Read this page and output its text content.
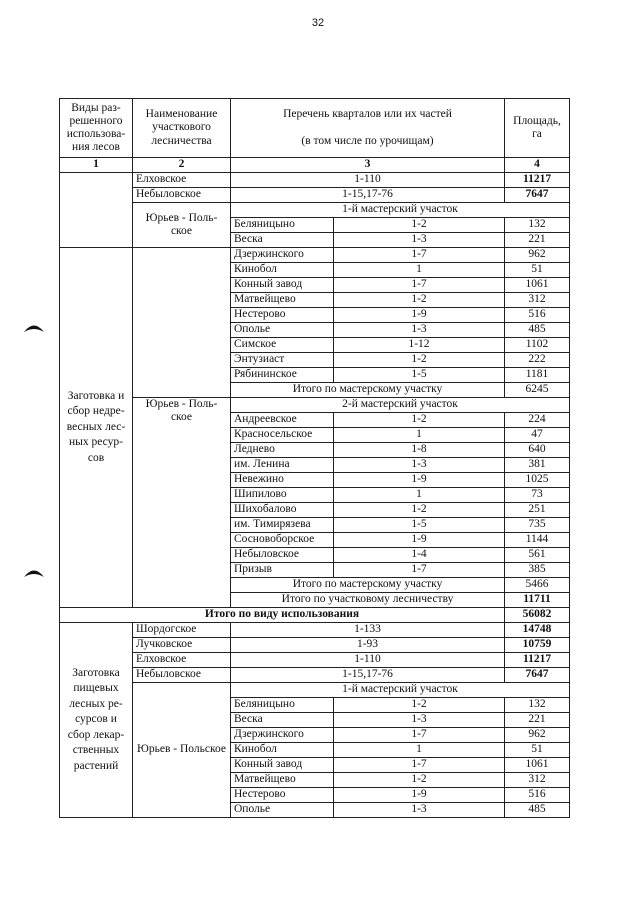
32
Виды раз-решенного использова-ния лесов	Наименование участкового лесничества	Перечень кварталов или их частей
(в том числе по урочищам)		Площадь, га
1	2	3		4
	Елховское	1-110		11217
	Небыловское	1-15,17-76		7647
	Юрьев - Поль-ское	1-й мастерский участок		
		Беляницыно	1-2	132
		Веска	1-3	221
Заготовка и сбор недре-весных лес-ных ресур-сов		Дзержинского	1-7	962
		Кинобол	1	51
		Конный завод	1-7	1061
		Матвейщево	1-2	312
		Нестерово	1-9	516
		Ополье	1-3	485
		Симское	1-12	1102
		Энтузиаст	1-2	222
		Рябининское	1-5	1181
		Итого по мастерскому участку		6245
	Юрьев - Поль-ское	2-й мастерский участок		
		Андреевское	1-2	224
		Красносельское	1	47
		Леднево	1-8	640
		им. Ленина	1-3	381
		Невежино	1-9	1025
		Шипилово	1	73
		Шихобалово	1-2	251
		им. Тимирязева	1-5	735
		Сосновоборское	1-9	1144
		Небыловское	1-4	561
		Призыв	1-7	385
		Итого по мастерскому участку		5466
		Итого по участковому лесничеству		11711
Итого по виду использования				56082
Заготовка пищевых лесных ре-сурсов и сбор лекар-ственных растений	Шордогское	1-133		14748
	Лучковское	1-93		10759
	Елховское	1-110		11217
	Небыловское	1-15,17-76		7647
	Юрьев - Польское	1-й мастерский участок		
		Беляницыно	1-2	132
		Веска	1-3	221
		Дзержинского	1-7	962
		Кинобол	1	51
		Конный завод	1-7	1061
		Матвейщево	1-2	312
		Нестерово	1-9	516
		Ополье	1-3	485
